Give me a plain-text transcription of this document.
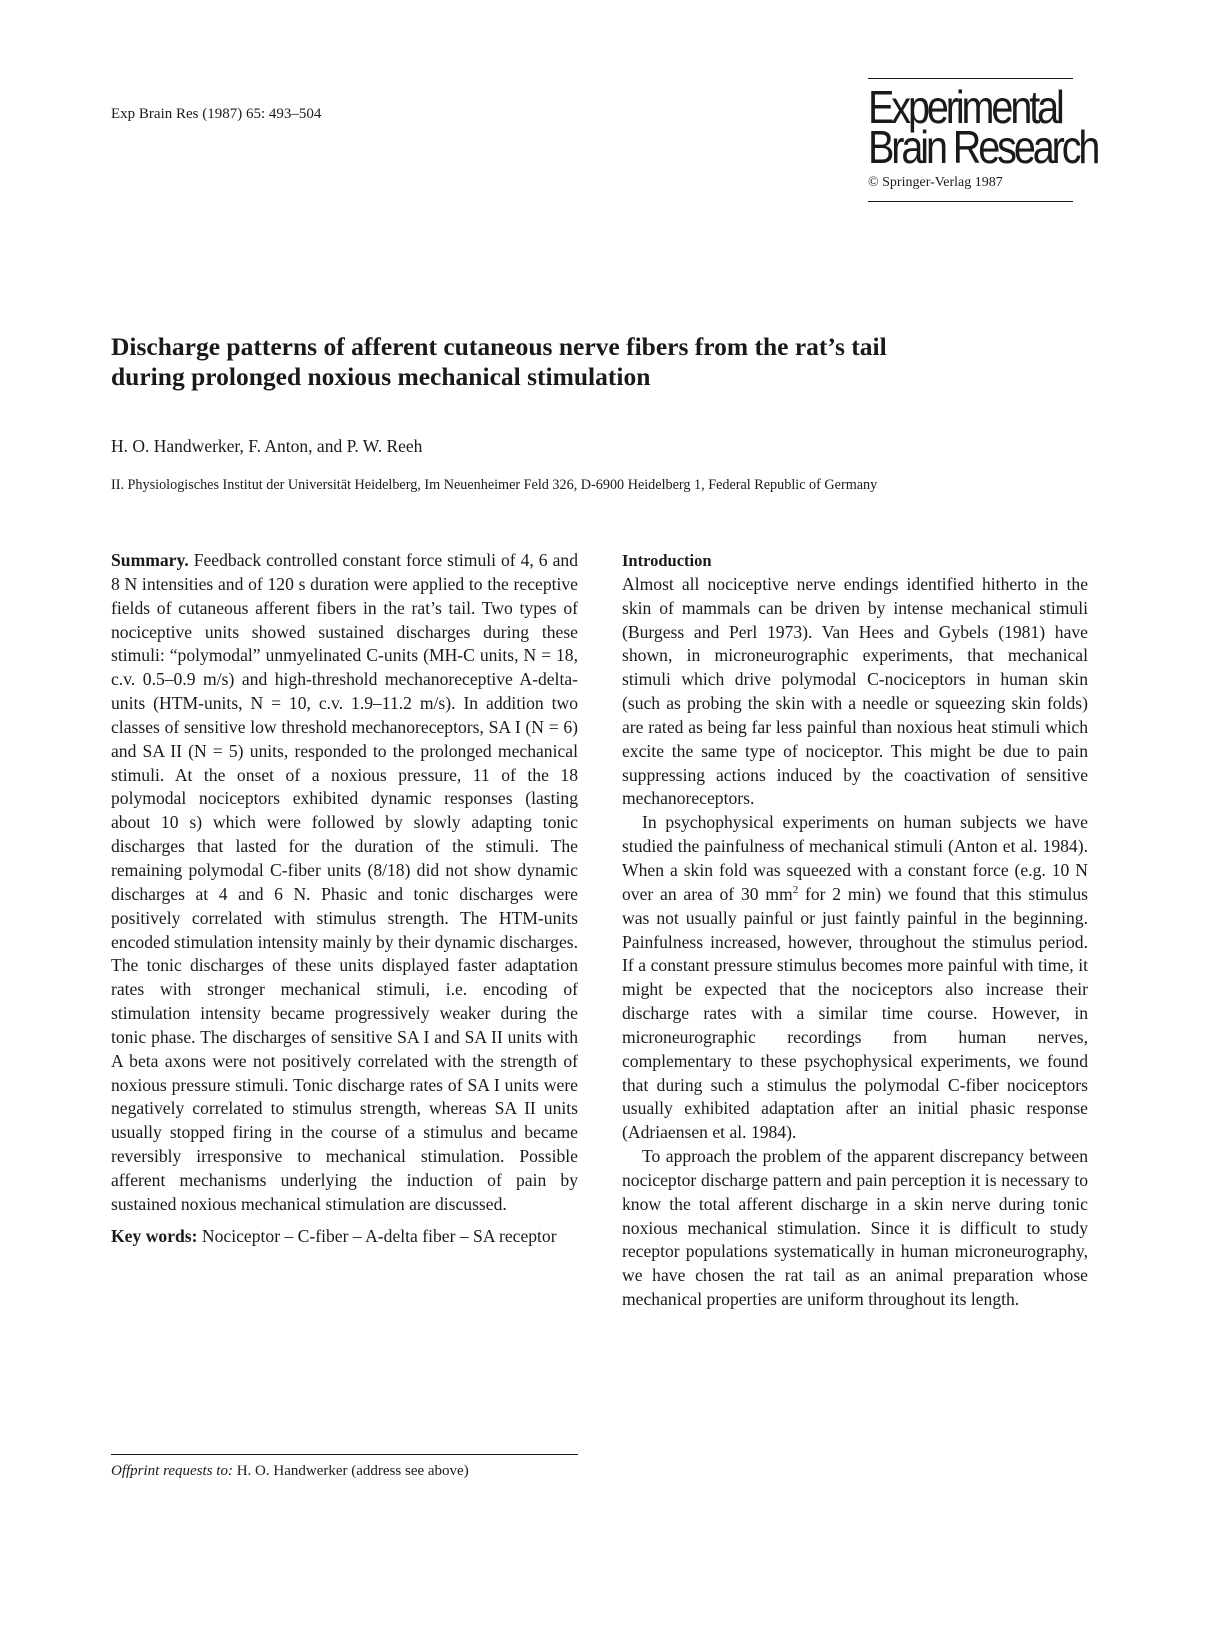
Exp Brain Res (1987) 65: 493–504	Experimental
Brain Research
© Springer-Verlag 1987
Discharge patterns of afferent cutaneous nerve fibers from the rat’s tail
during prolonged noxious mechanical stimulation
H. O. Handwerker, F. Anton, and P. W. Reeh
II. Physiologisches Institut der Universität Heidelberg, Im Neuenheimer Feld 326, D-6900 Heidelberg 1, Federal Republic of Germany

Summary. Feedback controlled constant force stimuli of 4, 6 and 8 N intensities and of 120 s duration were applied to the receptive fields of cutaneous afferent fibers in the rat’s tail. Two types of nociceptive units showed sustained discharges during these stimuli: “polymodal” unmyelinated C-units (MH-C units, N = 18, c.v. 0.5–0.9 m/s) and high-threshold mechanoreceptive A-delta-units (HTM-units, N = 10, c.v. 1.9–11.2 m/s). In addition two classes of sensitive low threshold mechanoreceptors, SA I (N = 6) and SA II (N = 5) units, responded to the prolonged mechanical stimuli. At the onset of a noxious pressure, 11 of the 18 polymodal nociceptors exhibited dynamic responses (lasting about 10 s) which were followed by slowly adapting tonic discharges that lasted for the duration of the stimuli. The remaining polymodal C-fiber units (8/18) did not show dynamic discharges at 4 and 6 N. Phasic and tonic discharges were positively correlated with stimulus strength. The HTM-units encoded stimulation intensity mainly by their dynamic discharges. The tonic discharges of these units displayed faster adaptation rates with stronger mechanical stimuli, i.e. encoding of stimulation intensity became progressively weaker during the tonic phase. The discharges of sensitive SA I and SA II units with A beta axons were not positively correlated with the strength of noxious pressure stimuli. Tonic discharge rates of SA I units were negatively correlated to stimulus strength, whereas SA II units usually stopped firing in the course of a stimulus and became reversibly irresponsive to mechanical stimulation. Possible afferent mechanisms underlying the induction of pain by sustained noxious mechanical stimulation are discussed.

Key words: Nociceptor – C-fiber – A-delta fiber – SA receptor

Offprint requests to: H. O. Handwerker (address see above)

Introduction

Almost all nociceptive nerve endings identified hitherto in the skin of mammals can be driven by intense mechanical stimuli (Burgess and Perl 1973). Van Hees and Gybels (1981) have shown, in microneurographic experiments, that mechanical stimuli which drive polymodal C-nociceptors in human skin (such as probing the skin with a needle or squeezing skin folds) are rated as being far less painful than noxious heat stimuli which excite the same type of nociceptor. This might be due to pain suppressing actions induced by the coactivation of sensitive mechanoreceptors.

In psychophysical experiments on human subjects we have studied the painfulness of mechanical stimuli (Anton et al. 1984). When a skin fold was squeezed with a constant force (e.g. 10 N over an area of 30 $mm^2$ for 2 min) we found that this stimulus was not usually painful or just faintly painful in the beginning. Painfulness increased, however, throughout the stimulus period. If a constant pressure stimulus becomes more painful with time, it might be expected that the nociceptors also increase their discharge rates with a similar time course. However, in microneurographic recordings from human nerves, complementary to these psychophysical experiments, we found that during such a stimulus the polymodal C-fiber nociceptors usually exhibited adaptation after an initial phasic response (Adriaensen et al. 1984).

To approach the problem of the apparent discrepancy between nociceptor discharge pattern and pain perception it is necessary to know the total afferent discharge in a skin nerve during tonic noxious mechanical stimulation. Since it is difficult to study receptor populations systematically in human microneurography, we have chosen the rat tail as an animal preparation whose mechanical properties are uniform throughout its length.
